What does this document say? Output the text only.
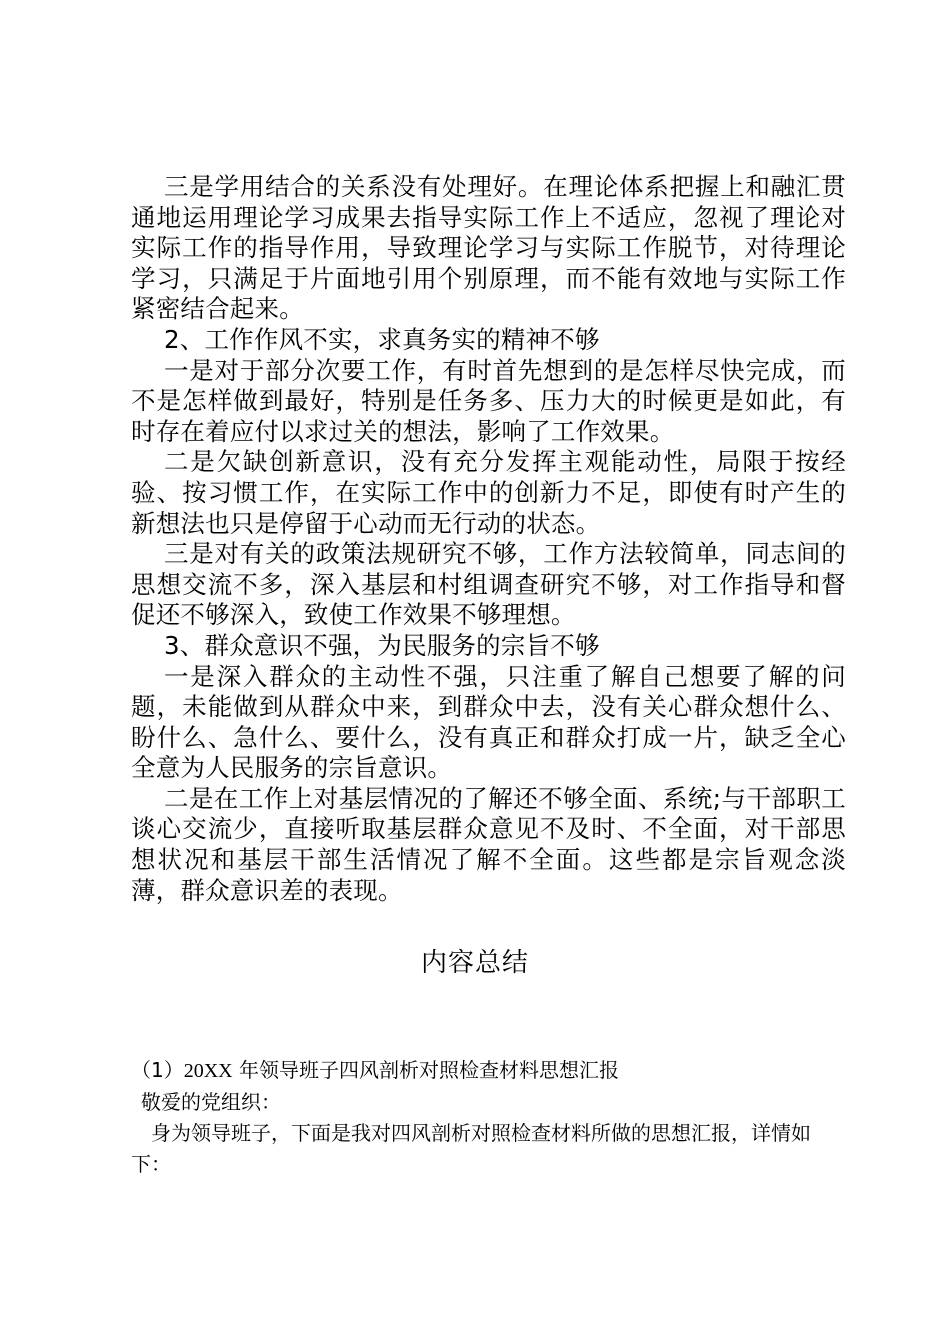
三是学用结合的关系没有处理好。在理论体系把握上和融汇贯通地运用理论学习成果去指导实际工作上不适应，忽视了理论对实际工作的指导作用，导致理论学习与实际工作脱节，对待理论学习，只满足于片面地引用个别原理，而不能有效地与实际工作紧密结合起来。

2、工作作风不实，求真务实的精神不够

一是对于部分次要工作，有时首先想到的是怎样尽快完成，而不是怎样做到最好，特别是任务多、压力大的时候更是如此，有时存在着应付以求过关的想法，影响了工作效果。

二是欠缺创新意识，没有充分发挥主观能动性，局限于按经验、按习惯工作，在实际工作中的创新力不足，即使有时产生的新想法也只是停留于心动而无行动的状态。

三是对有关的政策法规研究不够，工作方法较简单，同志间的思想交流不多，深入基层和村组调查研究不够，对工作指导和督促还不够深入，致使工作效果不够理想。

3、群众意识不强，为民服务的宗旨不够

一是深入群众的主动性不强，只注重了解自己想要了解的问题，未能做到从群众中来，到群众中去，没有关心群众想什么、盼什么、急什么、要什么，没有真正和群众打成一片，缺乏全心全意为人民服务的宗旨意识。

二是在工作上对基层情况的了解还不够全面、系统;与干部职工谈心交流少，直接听取基层群众意见不及时、不全面，对干部思想状况和基层干部生活情况了解不全面。这些都是宗旨观念淡薄，群众意识差的表现。

内容总结

（1）20XX 年领导班子四风剖析对照检查材料思想汇报

敬爱的党组织：

身为领导班子，下面是我对四风剖析对照检查材料所做的思想汇报，详情如下：
